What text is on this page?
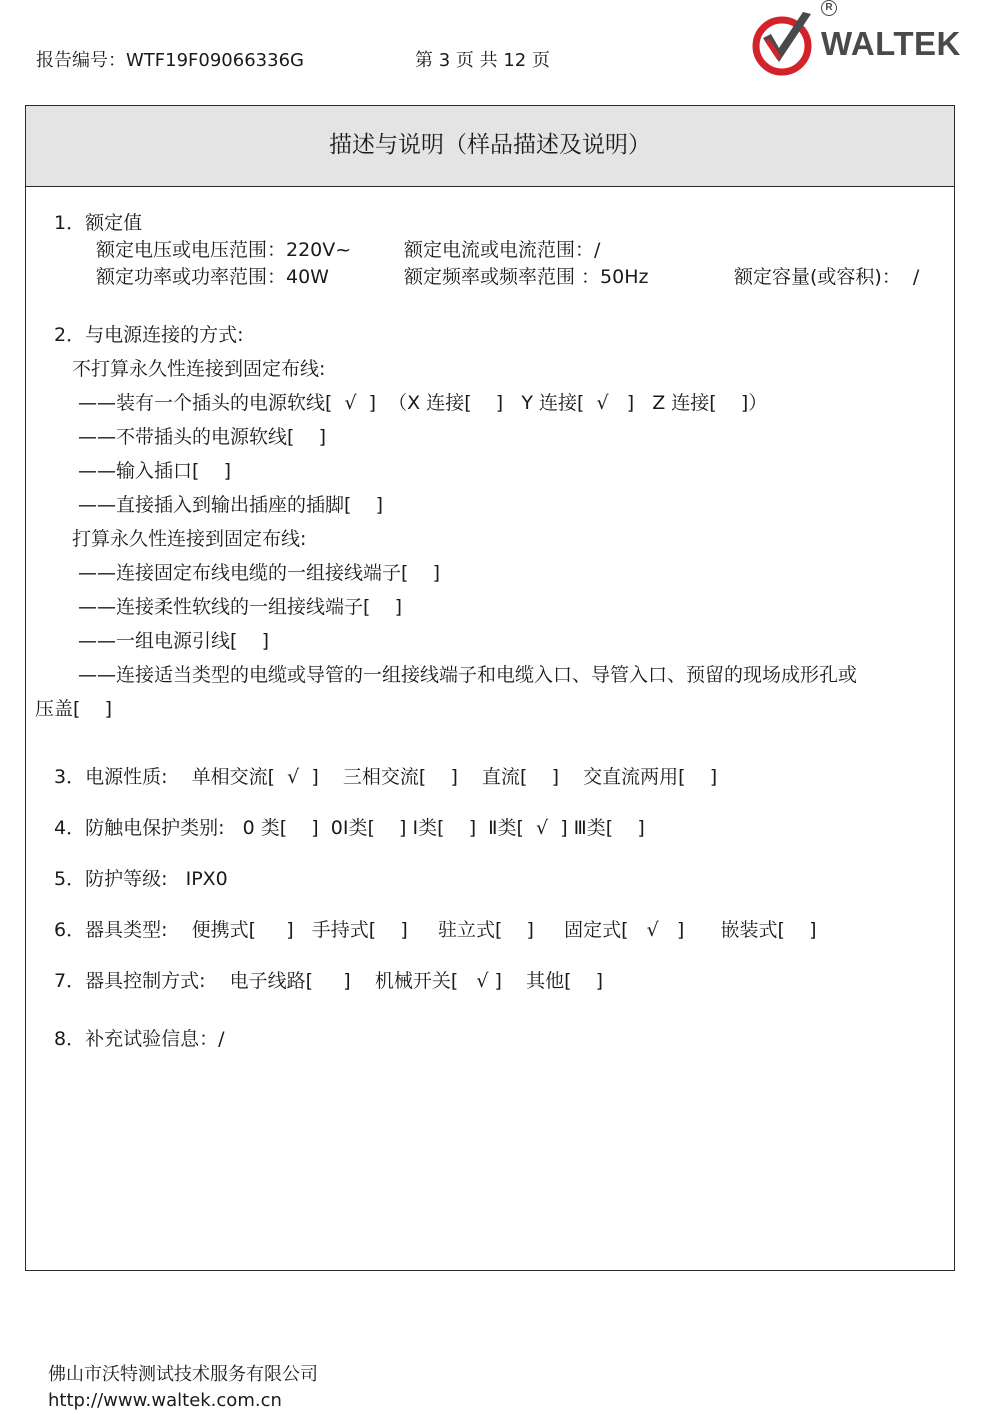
报告编号：WTF19F09066336G	第 3 页 共 12 页
R
WALTEK
描述与说明（样品描述及说明）
1．额定值
额定电压或电压范围：220V~	额定电流或电流范围：/
额定功率或功率范围：40W	额定频率或频率范围 ：50Hz	额定容量(或容积)：  /
2．与电源连接的方式:
不打算永久性连接到固定布线:
——装有一个插头的电源软线[  √  ]  （X 连接[    ]   Y 连接[  √   ]   Z 连接[    ]）
——不带插头的电源软线[    ]
——输入插口[    ]
——直接插入到输出插座的插脚[    ]
打算永久性连接到固定布线:
——连接固定布线电缆的一组接线端子[    ]
——连接柔性软线的一组接线端子[    ]
——一组电源引线[    ]
——连接适当类型的电缆或导管的一组接线端子和电缆入口、导管入口、预留的现场成形孔或
压盖[    ]
3．电源性质:    单相交流[  √  ]    三相交流[    ]    直流[    ]    交直流两用[    ]
4．防触电保护类别:   0 类[    ]  0Ⅰ类[    ] Ⅰ类[    ]  Ⅱ类[  √  ] Ⅲ类[    ]
5．防护等级:   IPX0
6．器具类型:    便携式[     ]   手持式[    ]     驻立式[    ]     固定式[   √   ]      嵌装式[    ]
7．器具控制方式:    电子线路[     ]    机械开关[   √ ]    其他[    ]
8．补充试验信息：/
佛山市沃特测试技术服务有限公司
http://www.waltek.com.cn
